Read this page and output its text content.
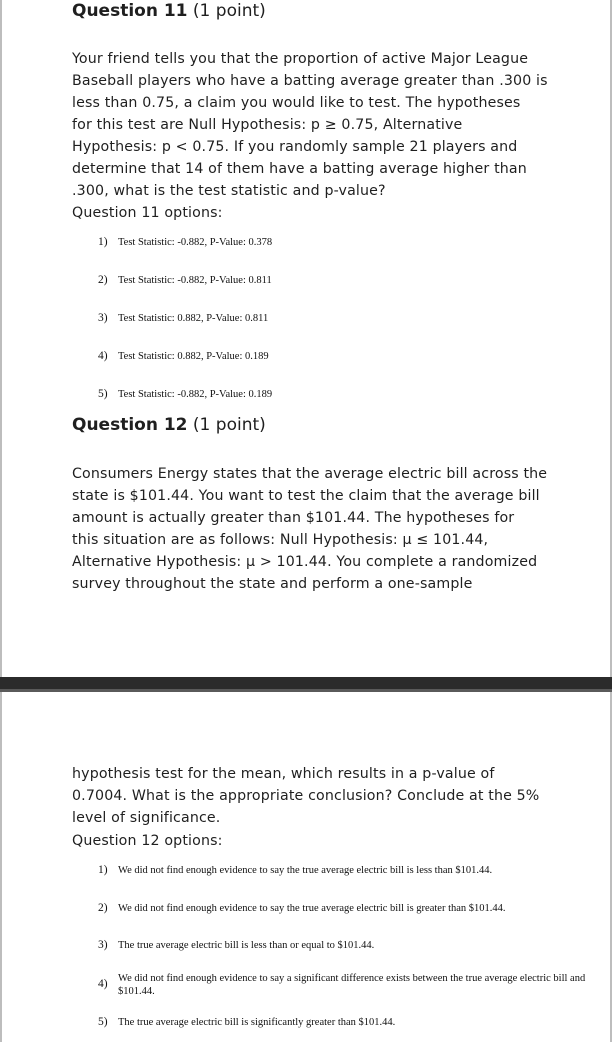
Question 11 (1 point)
Your friend tells you that the proportion of active Major League
Baseball players who have a batting average greater than .300 is
less than 0.75, a claim you would like to test. The hypotheses
for this test are Null Hypothesis: p ≥ 0.75, Alternative
Hypothesis: p < 0.75. If you randomly sample 21 players and
determine that 14 of them have a batting average higher than
.300, what is the test statistic and p-value?
Question 11 options:
1) Test Statistic: -0.882, P-Value: 0.378
2) Test Statistic: -0.882, P-Value: 0.811
3) Test Statistic: 0.882, P-Value: 0.811
4) Test Statistic: 0.882, P-Value: 0.189
5) Test Statistic: -0.882, P-Value: 0.189
Question 12 (1 point)
Consumers Energy states that the average electric bill across the
state is $101.44. You want to test the claim that the average bill
amount is actually greater than $101.44. The hypotheses for
this situation are as follows: Null Hypothesis: μ ≤ 101.44,
Alternative Hypothesis: μ > 101.44. You complete a randomized
survey throughout the state and perform a one-sample
hypothesis test for the mean, which results in a p-value of
0.7004. What is the appropriate conclusion? Conclude at the 5%
level of significance.
Question 12 options:
1) We did not find enough evidence to say the true average electric bill is less than $101.44.
2) We did not find enough evidence to say the true average electric bill is greater than $101.44.
3) The true average electric bill is less than or equal to $101.44.
4) We did not find enough evidence to say a significant difference exists between the true average electric bill and $101.44.
5) The true average electric bill is significantly greater than $101.44.
